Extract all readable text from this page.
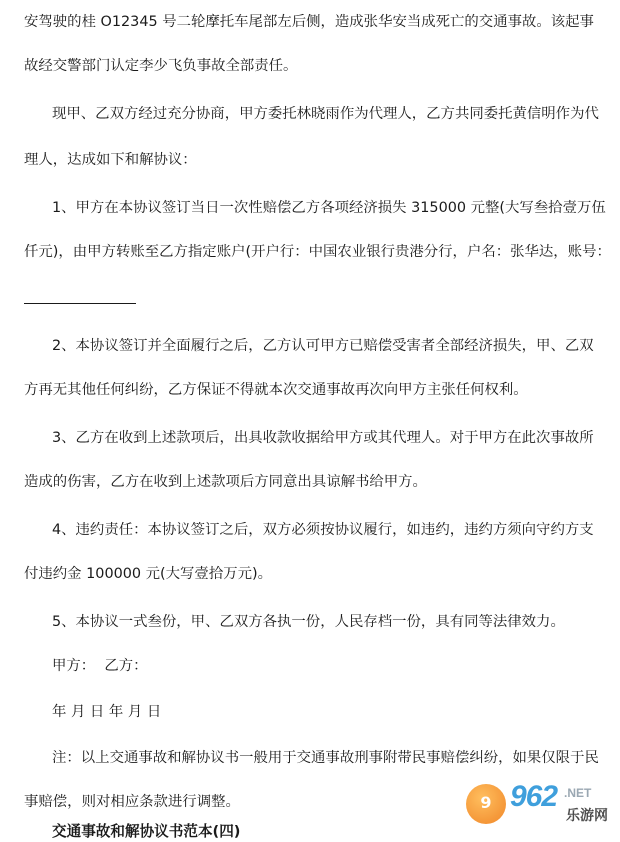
安驾驶的桂 O12345 号二轮摩托车尾部左后侧，造成张华安当成死亡的交通事故。该起事
故经交警部门认定李少飞负事故全部责任。
现甲、乙双方经过充分协商，甲方委托林晓雨作为代理人，乙方共同委托黄信明作为代
理人，达成如下和解协议：
1、甲方在本协议签订当日一次性赔偿乙方各项经济损失 315000 元整(大写叁拾壹万伍
仟元)，由甲方转账至乙方指定账户(开户行：中国农业银行贵港分行，户名：张华达，账号：
2、本协议签订并全面履行之后，乙方认可甲方已赔偿受害者全部经济损失，甲、乙双
方再无其他任何纠纷，乙方保证不得就本次交通事故再次向甲方主张任何权利。
3、乙方在收到上述款项后，出具收款收据给甲方或其代理人。对于甲方在此次事故所
造成的伤害，乙方在收到上述款项后方同意出具谅解书给甲方。
4、违约责任：本协议签订之后，双方必须按协议履行，如违约，违约方须向守约方支
付违约金 100000 元(大写壹拾万元)。
5、本协议一式叁份，甲、乙双方各执一份，人民存档一份，具有同等法律效力。
甲方：  乙方：
年 月 日 年 月 日
注：以上交通事故和解协议书一般用于交通事故刑事附带民事赔偿纠纷，如果仅限于民
事赔偿，则对相应条款进行调整。
交通事故和解协议书范本(四)
9 962 .NET
乐游网
